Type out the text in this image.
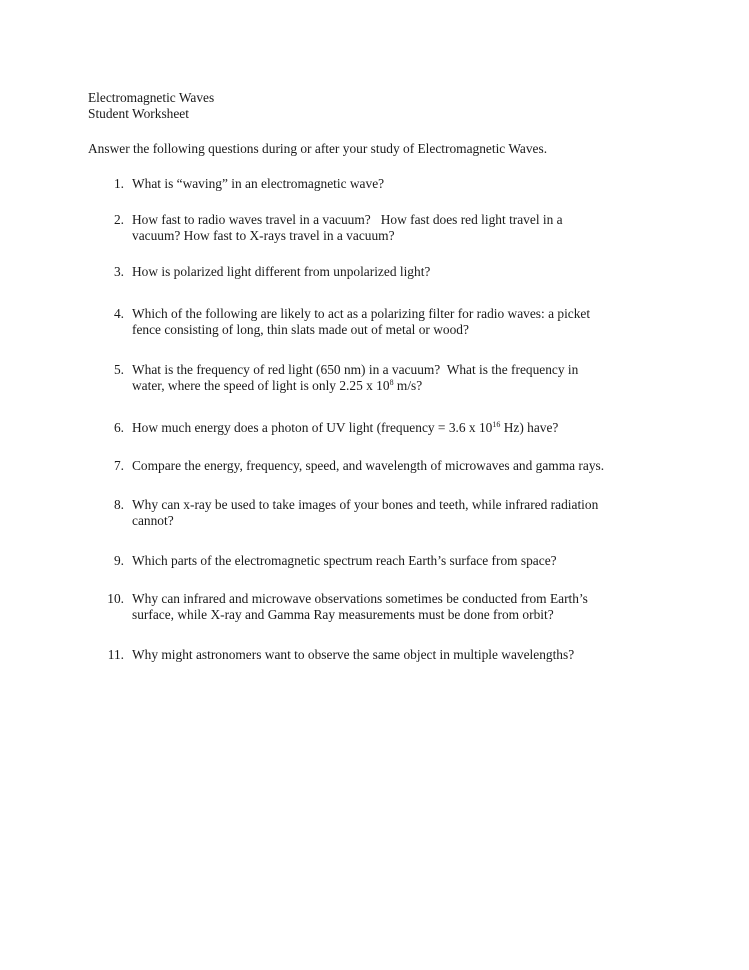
Electromagnetic Waves
Student Worksheet
Answer the following questions during or after your study of Electromagnetic Waves.
1. What is “waving” in an electromagnetic wave?
2. How fast to radio waves travel in a vacuum?   How fast does red light travel in a
vacuum? How fast to X-rays travel in a vacuum?
3. How is polarized light different from unpolarized light?
4. Which of the following are likely to act as a polarizing filter for radio waves: a picket
fence consisting of long, thin slats made out of metal or wood?
5. What is the frequency of red light (650 nm) in a vacuum?  What is the frequency in
water, where the speed of light is only 2.25 x $10^8$ m/s?
6. How much energy does a photon of UV light (frequency = 3.6 x $10^{16}$ Hz) have?
7. Compare the energy, frequency, speed, and wavelength of microwaves and gamma rays.
8. Why can x-ray be used to take images of your bones and teeth, while infrared radiation
cannot?
9. Which parts of the electromagnetic spectrum reach Earth’s surface from space?
10. Why can infrared and microwave observations sometimes be conducted from Earth’s
surface, while X-ray and Gamma Ray measurements must be done from orbit?
11. Why might astronomers want to observe the same object in multiple wavelengths?
